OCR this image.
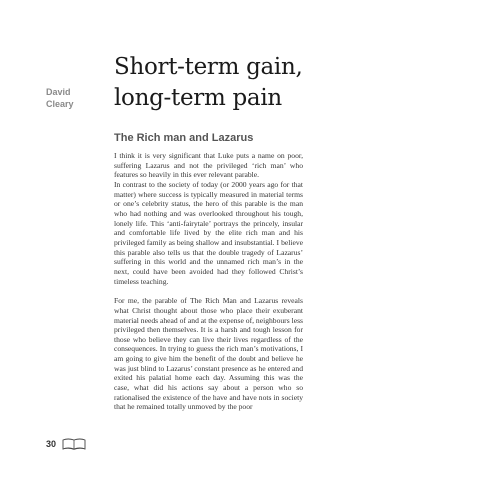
David
Cleary
Short-term gain,
long-term pain
The Rich man and Lazarus

I think it is very significant that Luke puts a name on poor, suffering Lazarus and not the privileged ‘rich man’ who features so heavily in this ever relevant parable.

In contrast to the society of today (or 2000 years ago for that matter) where success is typically measured in material terms or one’s celebrity status, the hero of this parable is the man who had nothing and was overlooked throughout his tough, lonely life. This ‘anti-fairytale’ portrays the princely, insular and comfortable life lived by the elite rich man and his privileged family as being shallow and insubstantial. I believe this parable also tells us that the double tragedy of Lazarus’ suffering in this world and the unnamed rich man’s in the next, could have been avoided had they followed Christ’s timeless teaching.

For me, the parable of The Rich Man and Lazarus reveals what Christ thought about those who place their exuberant material needs ahead of and at the expense of, neighbours less privileged then themselves. It is a harsh and tough lesson for those who believe they can live their lives regardless of the consequences. In trying to guess the rich man’s motivations, I am going to give him the benefit of the doubt and believe he was just blind to Lazarus’ constant presence as he entered and exited his palatial home each day. Assuming this was the case, what did his actions say about a person who so rationalised the existence of the have and have nots in society that he remained totally unmoved by the poor

30
